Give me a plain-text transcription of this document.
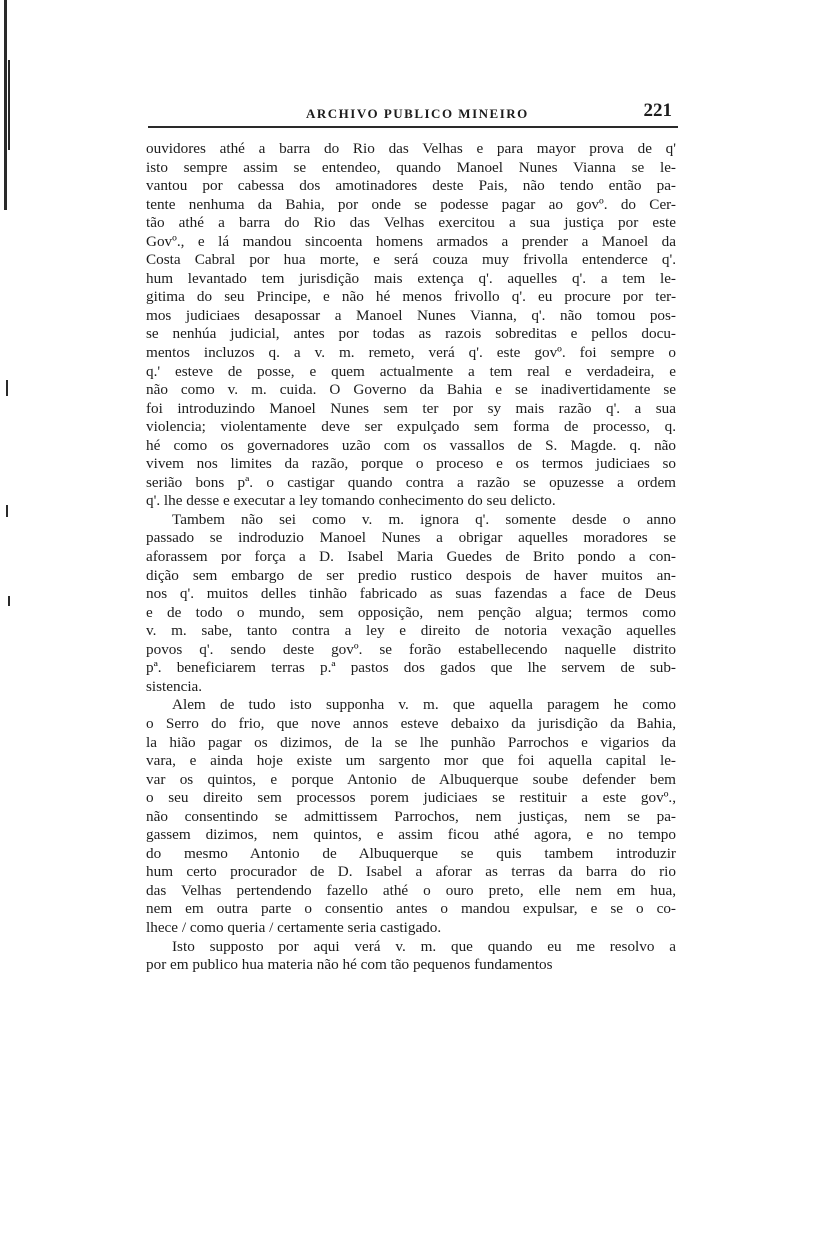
ARCHIVO PUBLICO MINEIRO	221
ouvidores athé a barra do Rio das Velhas e para mayor prova de q'
isto sempre assim se entendeo, quando Manoel Nunes Vianna se le-
vantou por cabessa dos amotinadores deste Pais, não tendo então pa-
tente nenhuma da Bahia, por onde se podesse pagar ao govº. do Cer-
tão athé a barra do Rio das Velhas exercitou a sua justiça por este
Govº., e lá mandou sincoenta homens armados a prender a Manoel da
Costa Cabral por hua morte, e será couza muy frivolla entenderce q'.
hum levantado tem jurisdição mais extença q'. aquelles q'. a tem le-
gitima do seu Principe, e não hé menos frivollo q'. eu procure por ter-
mos judiciaes desapossar a Manoel Nunes Vianna, q'. não tomou pos-
se nenhúa judicial, antes por todas as razois sobreditas e pellos docu-
mentos incluzos q. a v. m. remeto, verá q'. este govº. foi sempre o
q.' esteve de posse, e quem actualmente a tem real e verdadeira, e
não como v. m. cuida. O Governo da Bahia e se inadivertidamente se
foi introduzindo Manoel Nunes sem ter por sy mais razão q'. a sua
violencia; violentamente deve ser expulçado sem forma de processo, q.
hé como os governadores uzão com os vassallos de S. Magde. q. não
vivem nos limites da razão, porque o proceso e os termos judiciaes so
serião bons pª. o castigar quando contra a razão se opuzesse a ordem
q'. lhe desse e executar a ley tomando conhecimento do seu delicto.
Tambem não sei como v. m. ignora q'. somente desde o anno
passado se indroduzio Manoel Nunes a obrigar aquelles moradores se
aforassem por força a D. Isabel Maria Guedes de Brito pondo a con-
dição sem embargo de ser predio rustico despois de haver muitos an-
nos q'. muitos delles tinhão fabricado as suas fazendas a face de Deus
e de todo o mundo, sem opposição, nem penção algua; termos como
v. m. sabe, tanto contra a ley e direito de notoria vexação aquelles
povos q'. sendo deste govº. se forão estabellecendo naquelle distrito
pª. beneficiarem terras p.ª pastos dos gados que lhe servem de sub-
sistencia.
Alem de tudo isto supponha v. m. que aquella paragem he como
o Serro do frio, que nove annos esteve debaixo da jurisdição da Bahia,
la hião pagar os dizimos, de la se lhe punhão Parrochos e vigarios da
vara, e ainda hoje existe um sargento mor que foi aquella capital le-
var os quintos, e porque Antonio de Albuquerque soube defender bem
o seu direito sem processos porem judiciaes se restituir a este govº.,
não consentindo se admittissem Parrochos, nem justiças, nem se pa-
gassem dizimos, nem quintos, e assim ficou athé agora, e no tempo
do mesmo Antonio de Albuquerque se quis tambem introduzir
hum certo procurador de D. Isabel a aforar as terras da barra do rio
das Velhas pertendendo fazello athé o ouro preto, elle nem em hua,
nem em outra parte o consentio antes o mandou expulsar, e se o co-
lhece / como queria / certamente seria castigado.
Isto supposto por aqui verá v. m. que quando eu me resolvo a
por em publico hua materia não hé com tão pequenos fundamentos
